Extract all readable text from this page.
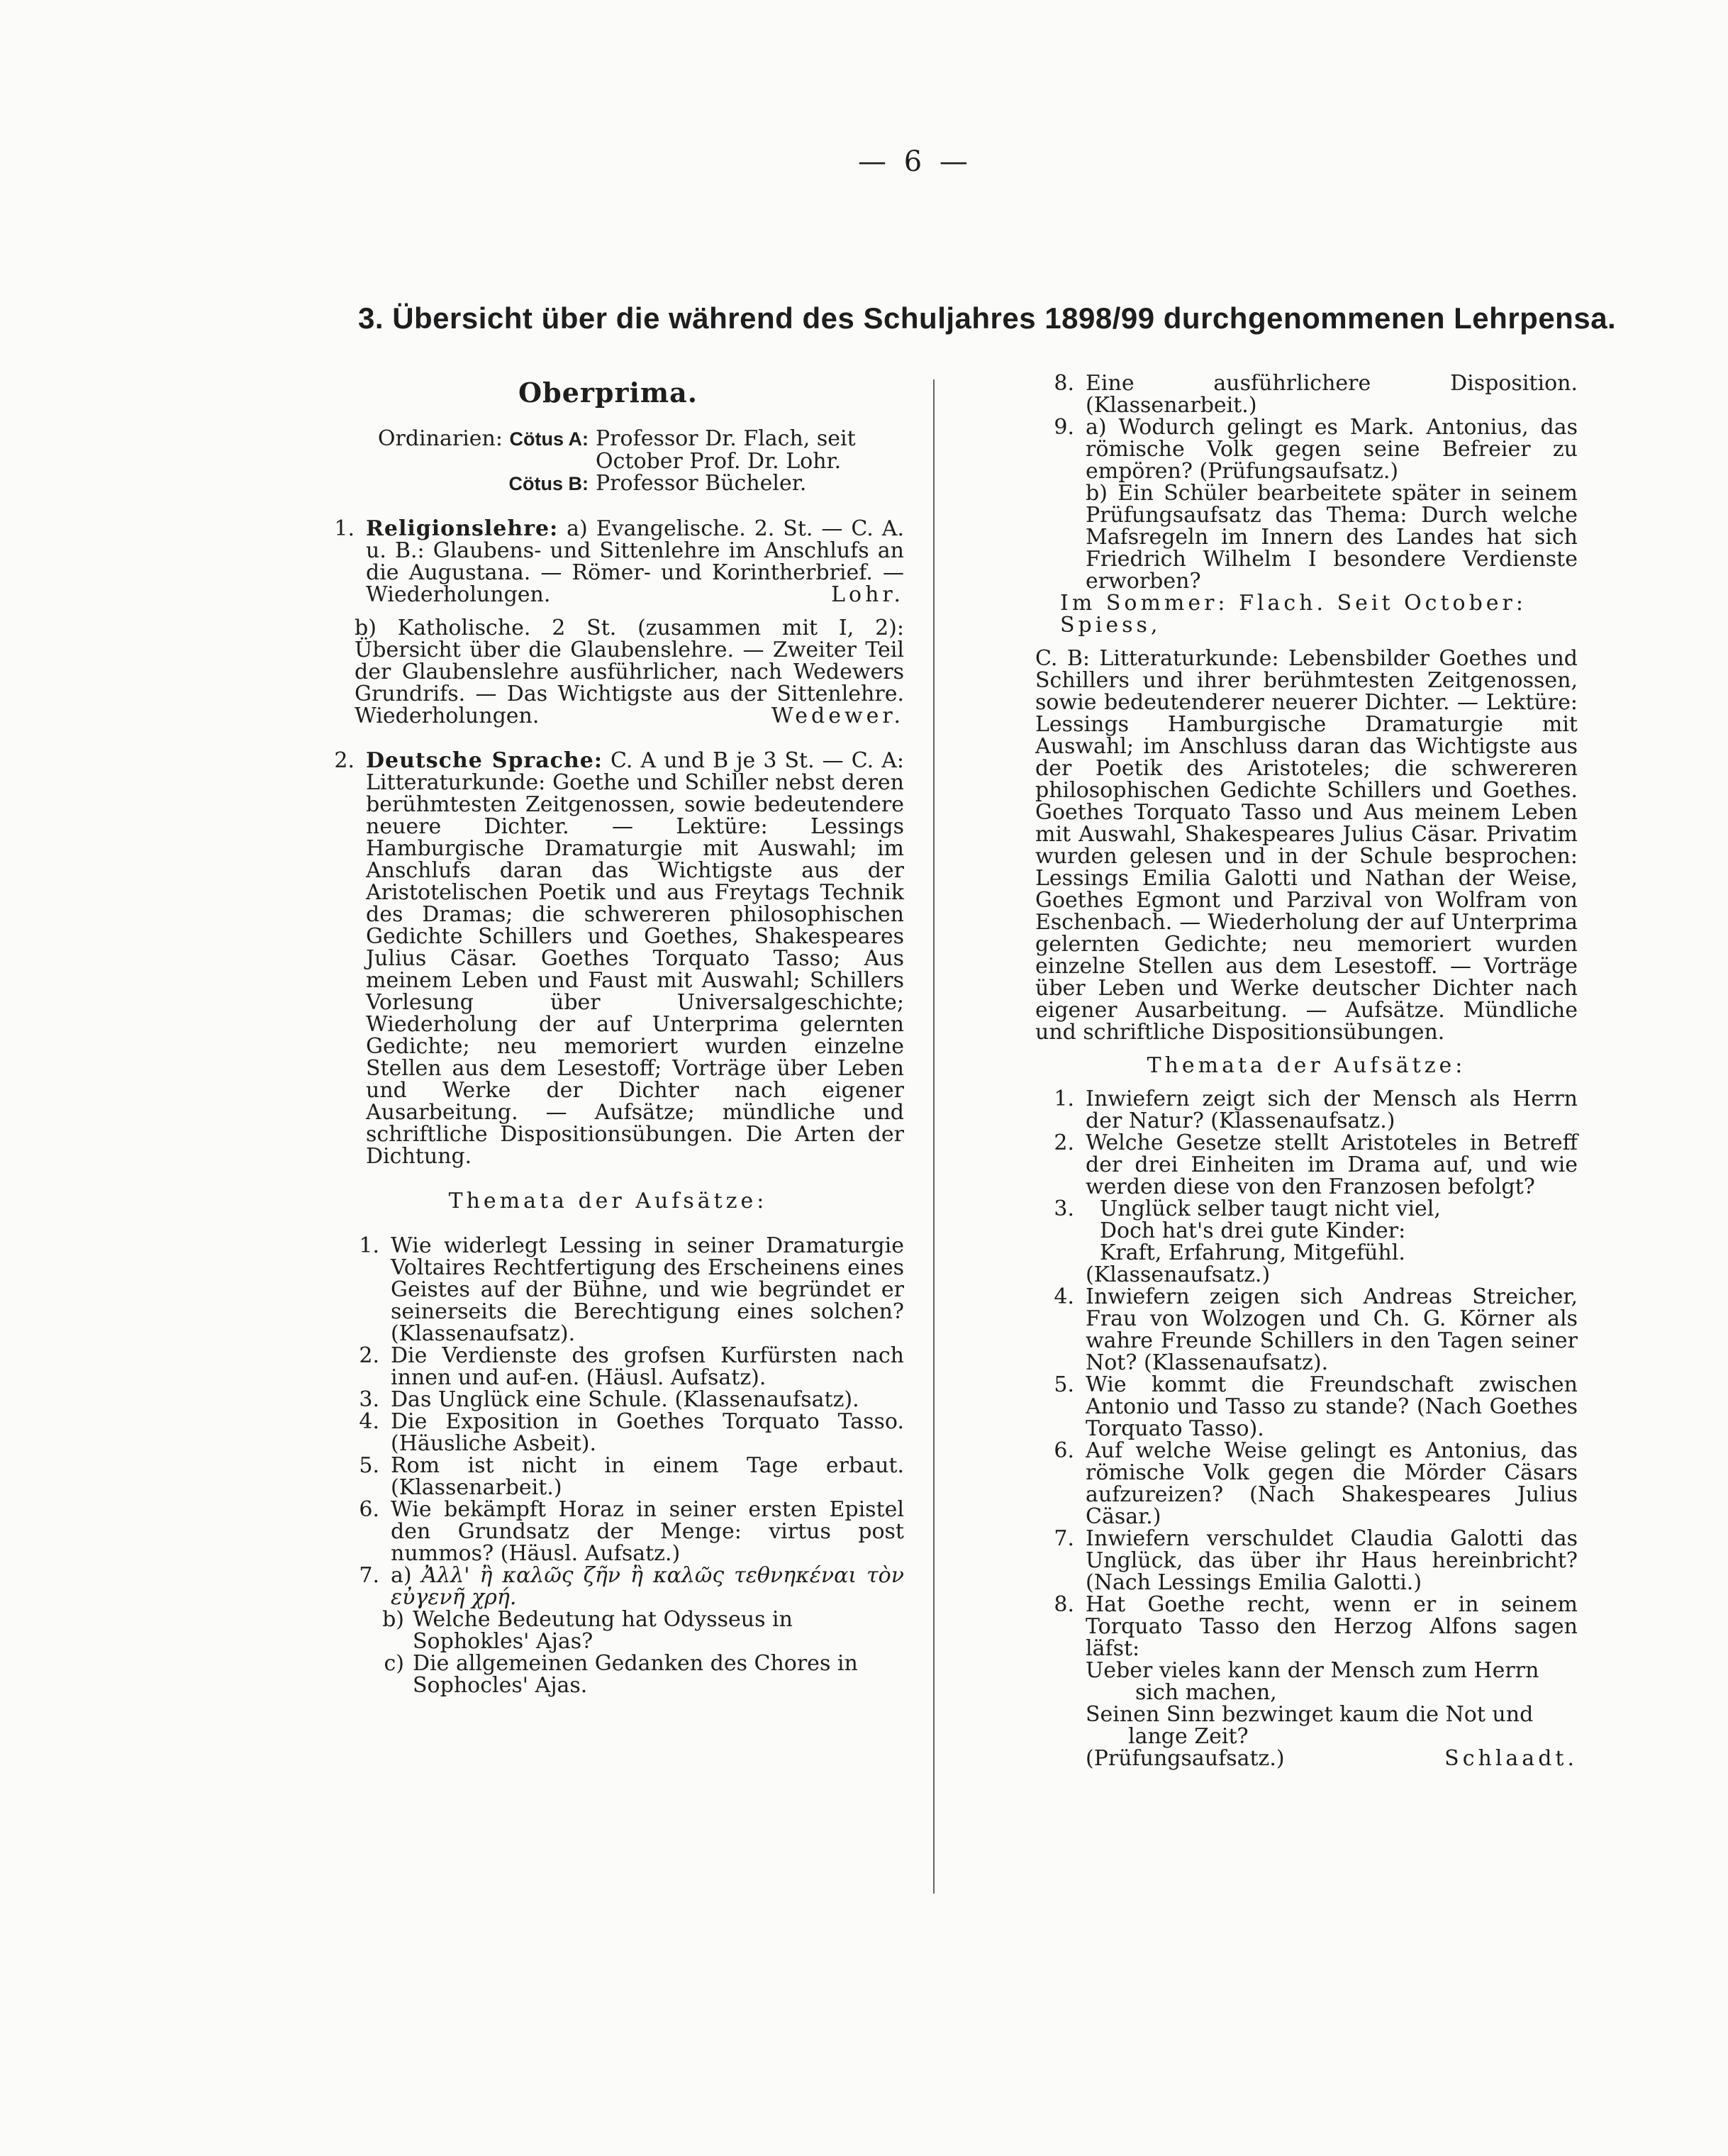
— 6 —
3. Übersicht über die während des Schuljahres 1898/99 durchgenommenen Lehrpensa.
Oberprima.
Ordinarien: Cötus A: Professor Dr. Flach, seit
October Prof. Dr. Lohr.
Cötus B: Professor Bücheler.
1. Religionslehre: a) Evangelische. 2. St. — C. A. u. B.: Glaubens- und Sittenlehre im Anschlufs an die Augustana. — Römer- und Korintherbrief. — Wiederholungen.	Lohr.
b) Katholische. 2 St. (zusammen mit I, 2): Übersicht über die Glaubenslehre. — Zweiter Teil der Glaubenslehre ausführlicher, nach Wedewers Grundrifs. — Das Wichtigste aus der Sittenlehre. Wiederholungen.	Wedewer.
2. Deutsche Sprache: C. A und B je 3 St. — C. A: Litteraturkunde: Goethe und Schiller nebst deren berühmtesten Zeitgenossen, sowie bedeutendere neuere Dichter. — Lektüre: Lessings Hamburgische Dramaturgie mit Auswahl; im Anschlufs daran das Wichtigste aus der Aristotelischen Poetik und aus Freytags Technik des Dramas; die schwereren philosophischen Gedichte Schillers und Goethes, Shakespeares Julius Cäsar. Goethes Torquato Tasso; Aus meinem Leben und Faust mit Auswahl; Schillers Vorlesung über Universalgeschichte; Wiederholung der auf Unterprima gelernten Gedichte; neu memoriert wurden einzelne Stellen aus dem Lesestoff; Vorträge über Leben und Werke der Dichter nach eigener Ausarbeitung. — Aufsätze; mündliche und schriftliche Dispositionsübungen. Die Arten der Dichtung.
Themata der Aufsätze:
1. Wie widerlegt Lessing in seiner Dramaturgie Voltaires Rechtfertigung des Erscheinens eines Geistes auf der Bühne, und wie begründet er seinerseits die Berechtigung eines solchen? (Klassenaufsatz).
2. Die Verdienste des grofsen Kurfürsten nach innen und auf-en. (Häusl. Aufsatz).
3. Das Unglück eine Schule. (Klassenaufsatz).
4. Die Exposition in Goethes Torquato Tasso. (Häusliche Asbeit).
5. Rom ist nicht in einem Tage erbaut. (Klassenarbeit.)
6. Wie bekämpft Horaz in seiner ersten Epistel den Grundsatz der Menge: virtus post nummos? (Häusl. Aufsatz.)
7. a) Ἀλλ' ἢ καλῶς ζῆν ἢ καλῶς τεθνηκέναι τὸν εὐγενῆ χρή.
b) Welche Bedeutung hat Odysseus in Sophokles' Ajas?
c) Die allgemeinen Gedanken des Chores in Sophocles' Ajas.
8. Eine ausführlichere Disposition. (Klassenarbeit.)
9. a) Wodurch gelingt es Mark. Antonius, das römische Volk gegen seine Befreier zu empören? (Prüfungsaufsatz.)
b) Ein Schüler bearbeitete später in seinem Prüfungsaufsatz das Thema: Durch welche Mafsregeln im Innern des Landes hat sich Friedrich Wilhelm I besondere Verdienste erworben?
Im Sommer: Flach. Seit October: Spiess,
C. B: Litteraturkunde: Lebensbilder Goethes und Schillers und ihrer berühmtesten Zeitgenossen, sowie bedeutenderer neuerer Dichter. — Lektüre: Lessings Hamburgische Dramaturgie mit Auswahl; im Anschluss daran das Wichtigste aus der Poetik des Aristoteles; die schwereren philosophischen Gedichte Schillers und Goethes. Goethes Torquato Tasso und Aus meinem Leben mit Auswahl, Shakespeares Julius Cäsar. Privatim wurden gelesen und in der Schule besprochen: Lessings Emilia Galotti und Nathan der Weise, Goethes Egmont und Parzival von Wolfram von Eschenbach. — Wiederholung der auf Unterprima gelernten Gedichte; neu memoriert wurden einzelne Stellen aus dem Lesestoff. — Vorträge über Leben und Werke deutscher Dichter nach eigener Ausarbeitung. — Aufsätze. Mündliche und schriftliche Dispositionsübungen.
Themata der Aufsätze:
1. Inwiefern zeigt sich der Mensch als Herrn der Natur? (Klassenaufsatz.)
2. Welche Gesetze stellt Aristoteles in Betreff der drei Einheiten im Drama auf, und wie werden diese von den Franzosen befolgt?
3.	Unglück selber taugt nicht viel,
Doch hat's drei gute Kinder:
Kraft, Erfahrung, Mitgefühl.
(Klassenaufsatz.)
4. Inwiefern zeigen sich Andreas Streicher, Frau von Wolzogen und Ch. G. Körner als wahre Freunde Schillers in den Tagen seiner Not? (Klassenaufsatz).
5. Wie kommt die Freundschaft zwischen Antonio und Tasso zu stande? (Nach Goethes Torquato Tasso).
6. Auf welche Weise gelingt es Antonius, das römische Volk gegen die Mörder Cäsars aufzureizen? (Nach Shakespeares Julius Cäsar.)
7. Inwiefern verschuldet Claudia Galotti das Unglück, das über ihr Haus hereinbricht? (Nach Lessings Emilia Galotti.)
8. Hat Goethe recht, wenn er in seinem Torquato Tasso den Herzog Alfons sagen läfst:
Ueber vieles kann der Mensch zum Herrn
sich machen,
Seinen Sinn bezwinget kaum die Not und
lange Zeit?
(Prüfungsaufsatz.)	Schlaadt.
